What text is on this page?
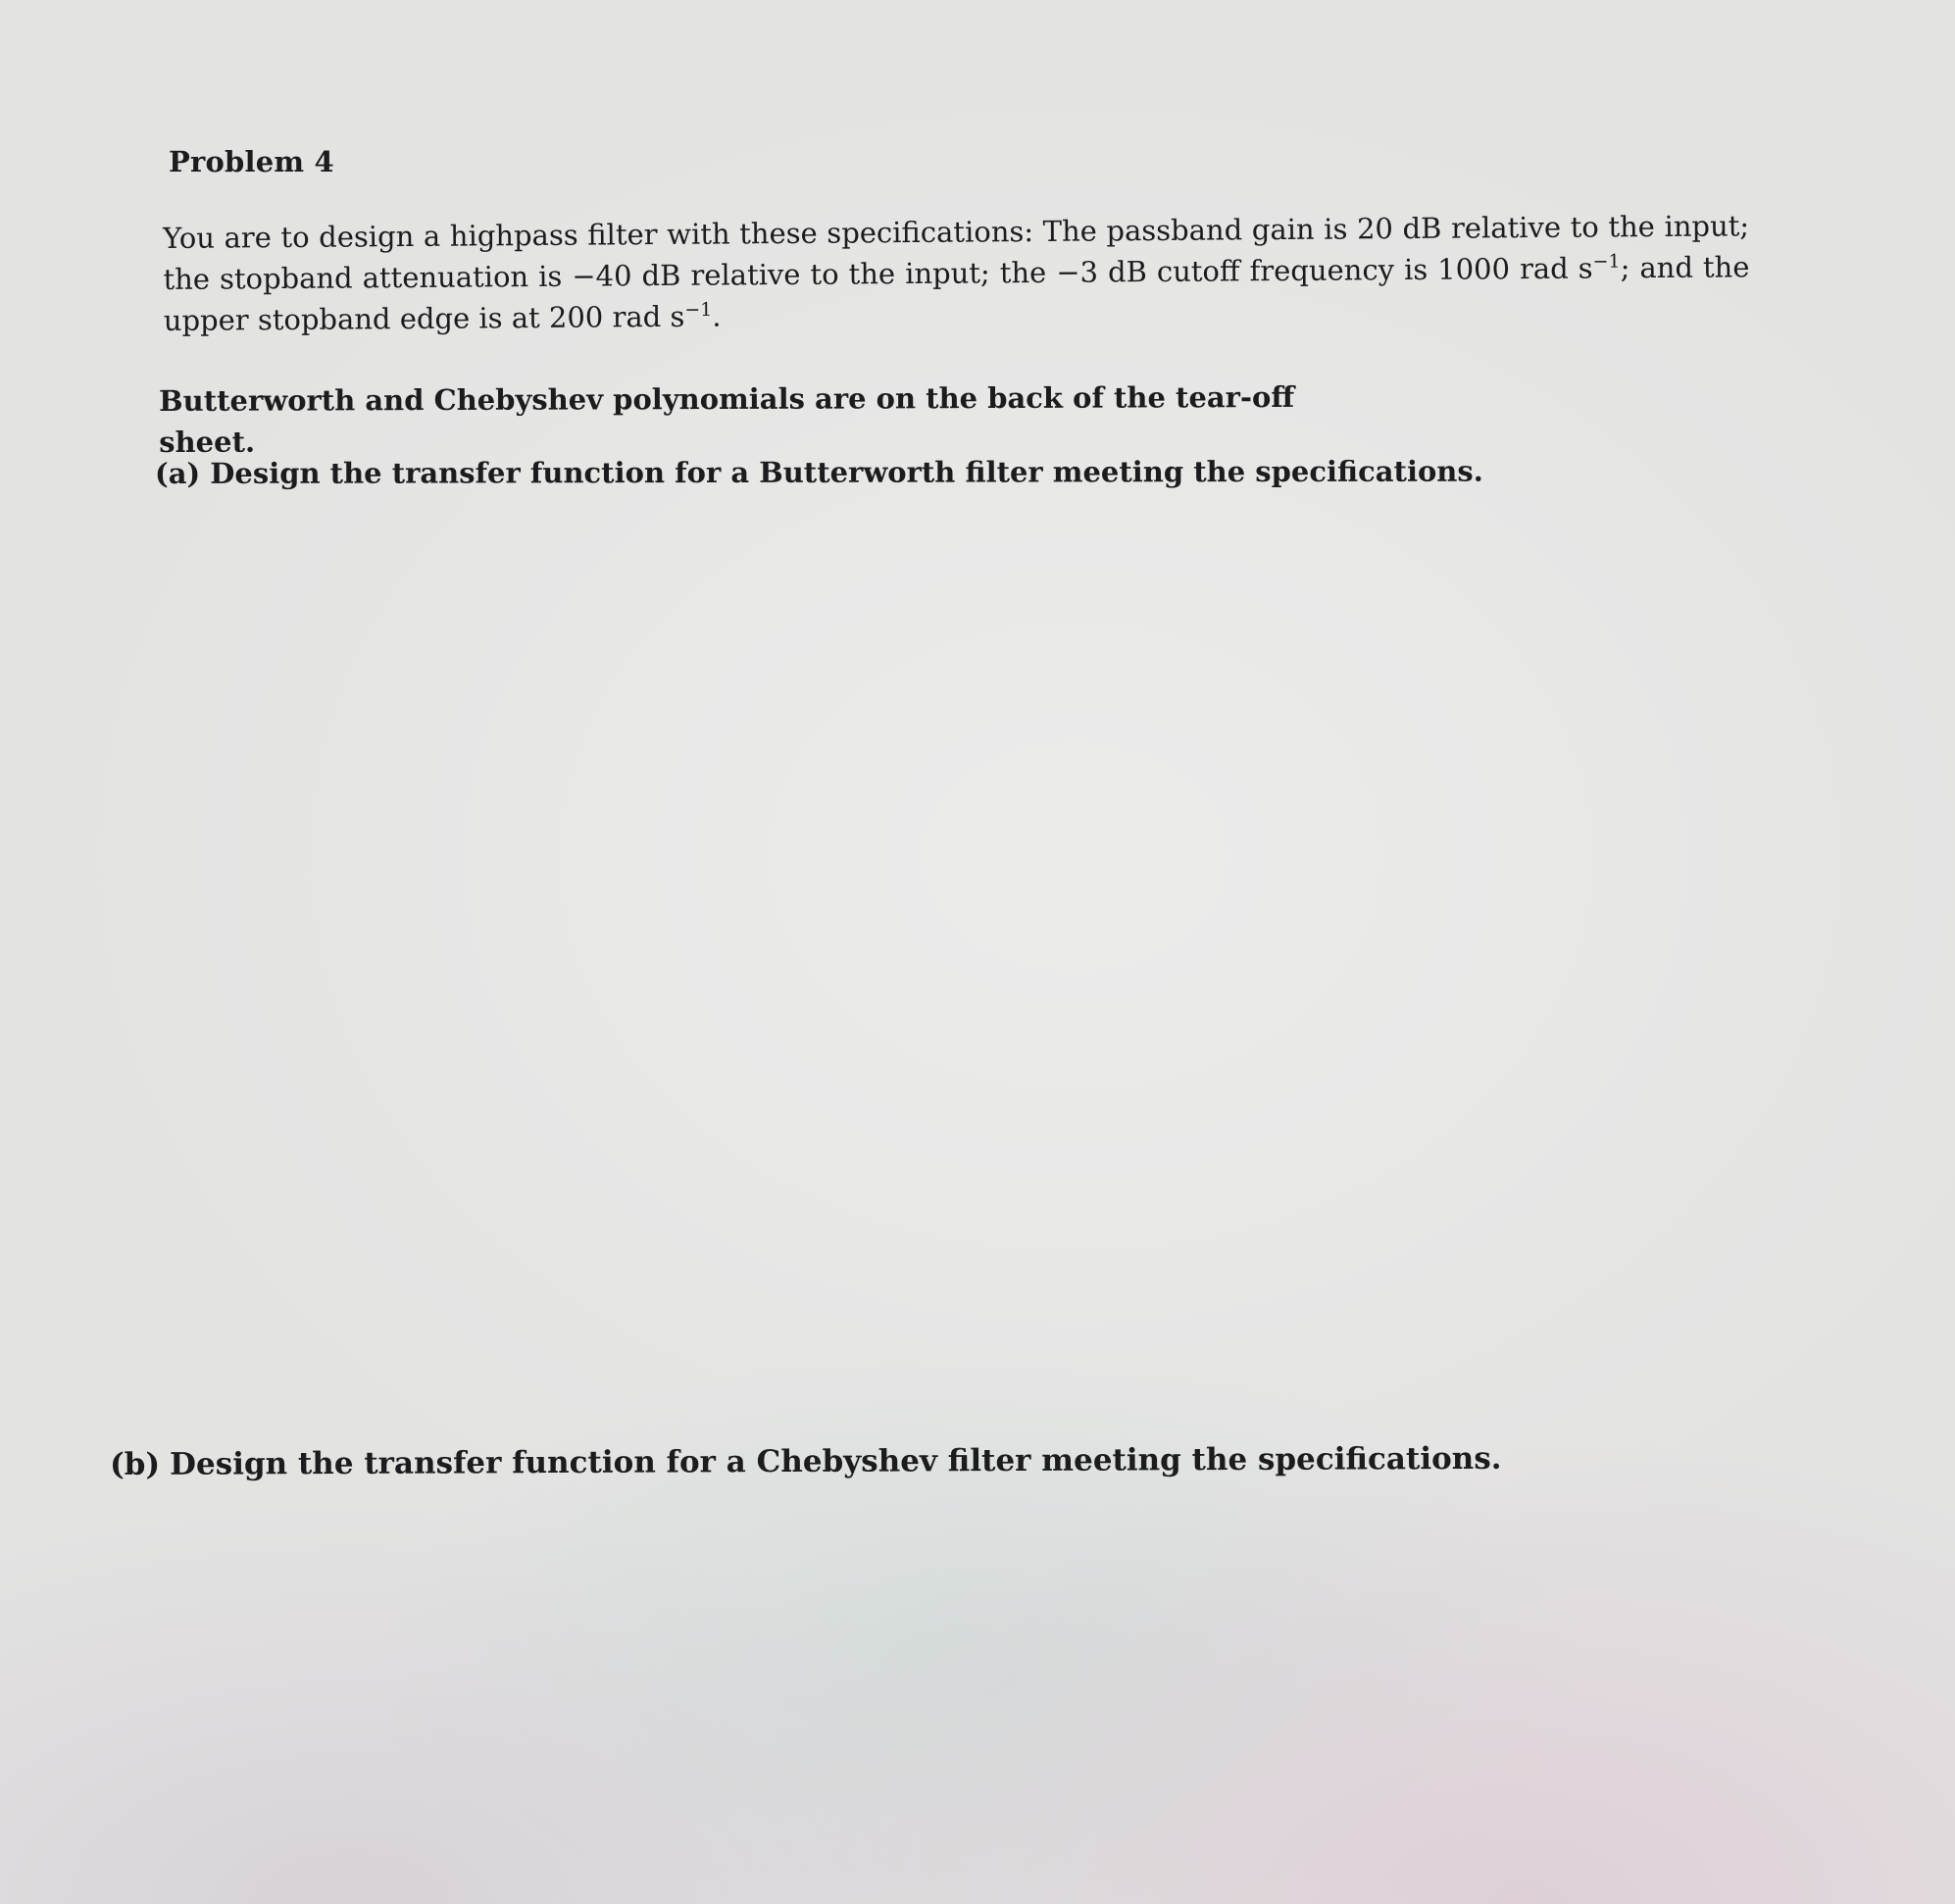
Problem 4

You are to design a highpass filter with these specifications: The passband gain is 20 dB relative to the input; the stopband attenuation is −40 dB relative to the input; the −3 dB cutoff frequency is 1000 rad $s^{-1}$; and the upper stopband edge is at 200 rad $s^{-1}$.

Butterworth and Chebyshev polynomials are on the back of the tear-off sheet.

(a) Design the transfer function for a Butterworth filter meeting the specifications.
(b) Design the transfer function for a Chebyshev filter meeting the specifications.
